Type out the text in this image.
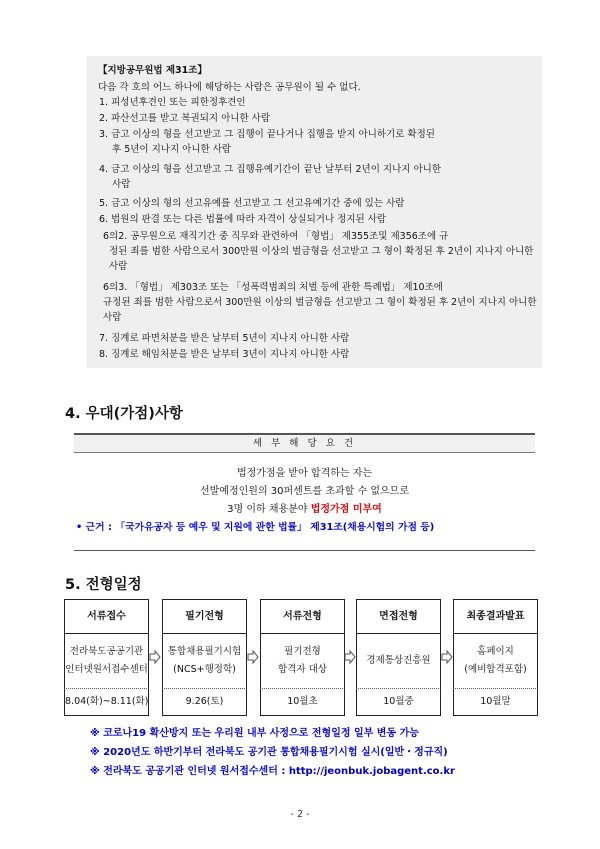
【지방공무원법 제31조】
다음 각 호의 어느 하나에 해당하는 사람은 공무원이 될 수 없다.
1. 피성년후견인 또는 피한정후견인
2. 파산선고를 받고 복권되지 아니한 사람
3. 금고 이상의 형을 선고받고 그 집행이 끝나거나 집행을 받지 아니하기로 확정된
후 5년이 지나지 아니한 사람
4. 금고 이상의 형을 선고받고 그 집행유예기간이 끝난 날부터 2년이 지나지 아니한
사람
5. 금고 이상의 형의 선고유예를 선고받고 그 선고유예기간 중에 있는 사람
6. 법원의 판결 또는 다른 법률에 따라 자격이 상실되거나 정지된 사람
6의2. 공무원으로 재직기간 중 직무와 관련하여 「형법」 제355조및 제356조에 규
정된 죄를 범한 사람으로서 300만원 이상의 벌금형을 선고받고 그 형이 확정된 후 2년이 지나지 아니한 사람
6의3. 「형법」 제303조 또는 「성폭력범죄의 처벌 등에 관한 특례법」 제10조에
규정된 죄를 범한 사람으로서 300만원 이상의 벌금형을 선고받고 그 형이 확정된 후 2년이 지나지 아니한 사람
7. 징계로 파면처분을 받은 날부터 5년이 지나지 아니한 사람
8. 징계로 해임처분을 받은 날부터 3년이 지나지 아니한 사람
4. 우대(가점)사항
세 부 해 당 요 건
법정가점을 받아 합격하는 자는
선발예정인원의 30퍼센트를 초과할 수 없으므로
3명 이하 채용분야 법정가점 미부여
• 근거 : 「국가유공자 등 예우 및 지원에 관한 법률」 제31조(채용시험의 가점 등)
5. 전형일정
서류접수
전라북도공공기관
인터넷원서접수센터
8.04(화)~8.11(화)
필기전형
통합채용필기시험
(NCS+행정학)
9.26(토)
서류전형
필기전형
합격자 대상
10월초
면접전형
경제통상진흥원
10월중
최종결과발표
홈페이지
(예비합격포함)
10월말
※ 코로나19 확산방지 또는 우리원 내부 사정으로 전형일정 일부 변동 가능
※ 2020년도 하반기부터 전라북도 공기관 통합채용필기시험 실시(일반・정규직)
※ 전라북도 공공기관 인터넷 원서접수센터 : http://jeonbuk.jobagent.co.kr
- 2 -
